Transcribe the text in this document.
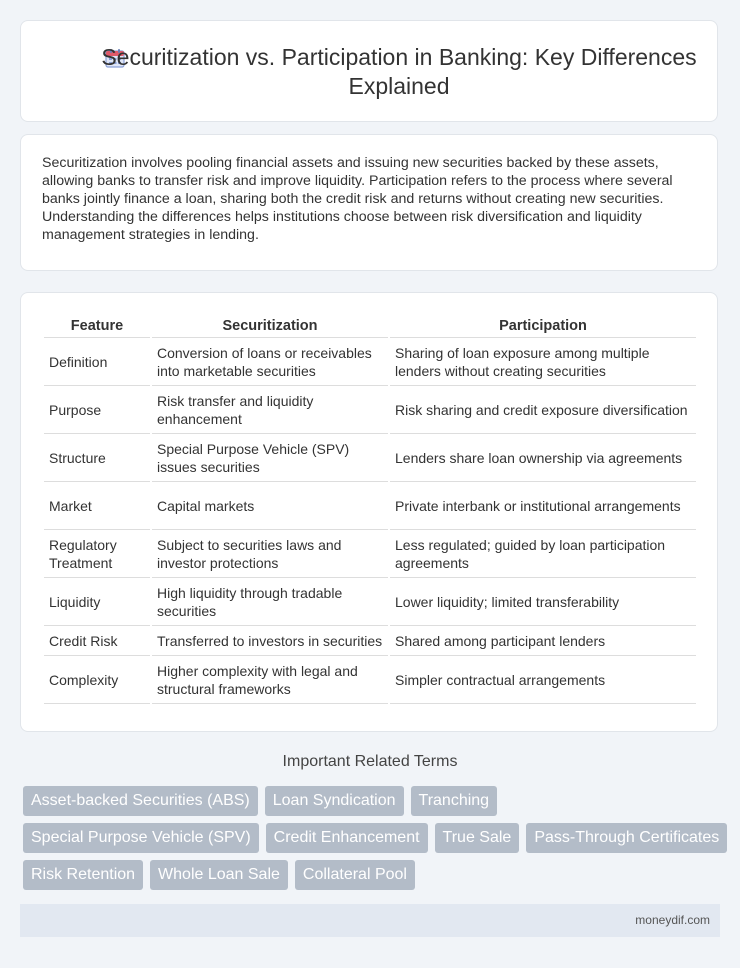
Securitization vs. Participation in Banking: Key Differences Explained

Securitization involves pooling financial assets and issuing new securities backed by these assets, allowing banks to transfer risk and improve liquidity. Participation refers to the process where several banks jointly finance a loan, sharing both the credit risk and returns without creating new securities. Understanding the differences helps institutions choose between risk diversification and liquidity management strategies in lending.

Feature	Securitization	Participation
Definition	Conversion of loans or receivables into marketable securities	Sharing of loan exposure among multiple lenders without creating securities
Purpose	Risk transfer and liquidity enhancement	Risk sharing and credit exposure diversification
Structure	Special Purpose Vehicle (SPV) issues securities	Lenders share loan ownership via agreements
Market	Capital markets	Private interbank or institutional arrangements
Regulatory Treatment	Subject to securities laws and investor protections	Less regulated; guided by loan participation agreements
Liquidity	High liquidity through tradable securities	Lower liquidity; limited transferability
Credit Risk	Transferred to investors in securities	Shared among participant lenders
Complexity	Higher complexity with legal and structural frameworks	Simpler contractual arrangements
Important Related Terms
Asset-backed Securities (ABS)	Loan Syndication	Tranching
Special Purpose Vehicle (SPV)	Credit Enhancement	True Sale	Pass-Through Certificates
Risk Retention	Whole Loan Sale	Collateral Pool
moneydif.com
